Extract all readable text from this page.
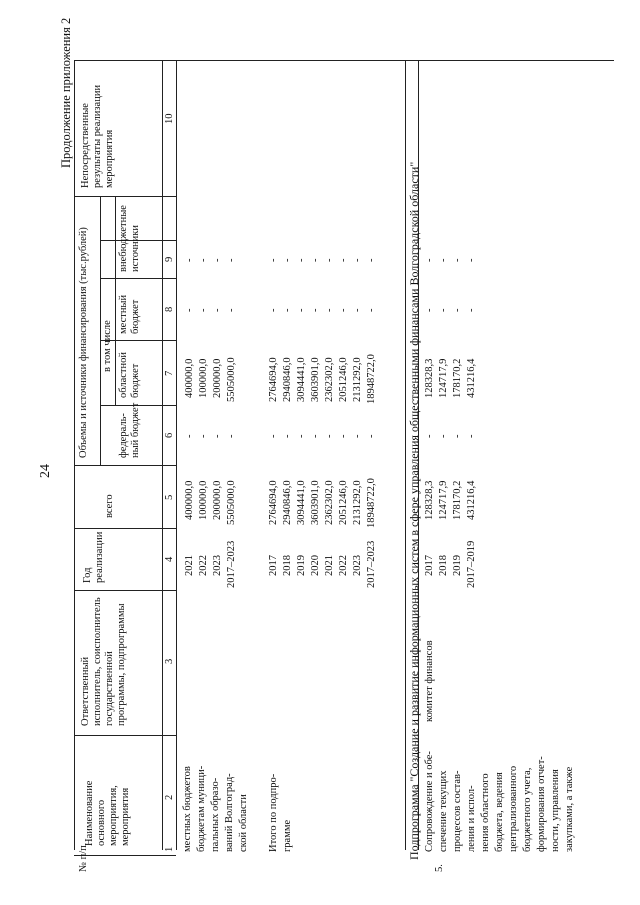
24
Продолжение приложения 2
№ п/п
Наименование основного мероприятия, мероприятия
Ответственный исполнитель, соисполнитель государственной программы, подпрограммы
Год реализации
Объемы и источники финансирования (тыс.рублей)
всего
в том числе
федераль-ный бюджет
областной бюджет
местный бюджет
внебюджетные источники
Непосредственные результаты реализации мероприятия
1
2
3
4
5
6
7
8
9
10
местных бюджетов бюджетам муници- пальных образо- ваний Волгоград- ской области
2021
400000,0
-
400000,0
-
-
2022
100000,0
-
100000,0
-
-
2023
200000,0
-
200000,0
-
-
2017–2023
5505000,0
-
5505000,0
-
-
Итого по подпро- грамме
2017
2764694,0
-
2764694,0
-
-
2018
2940846,0
-
2940846,0
-
-
2019
3094441,0
-
3094441,0
-
-
2020
3603901,0
-
3603901,0
-
-
2021
2362302,0
-
2362302,0
-
-
2022
2051246,0
-
2051246,0
-
-
2023
2131292,0
-
2131292,0
-
-
2017–2023
18948722,0
-
18948722,0
-
-	Подпрограмма "Создание и развитие информационных систем в сфере управления общественными финансами Волгоградской области"
5.
Сопровождение и обе- спечение текущих процессов состав- ления и испол- нения областного бюджета, ведения централизованного бюджетного учета, формирования отчет- ности, управления закупками, а также
комитет финансов
2017
128328,3
-
128328,3
-
-
2018
124717,9
-
124717,9
-
-
2019
178170,2
-
178170,2
-
-
2017–2019
431216,4
-
431216,4
-
-
